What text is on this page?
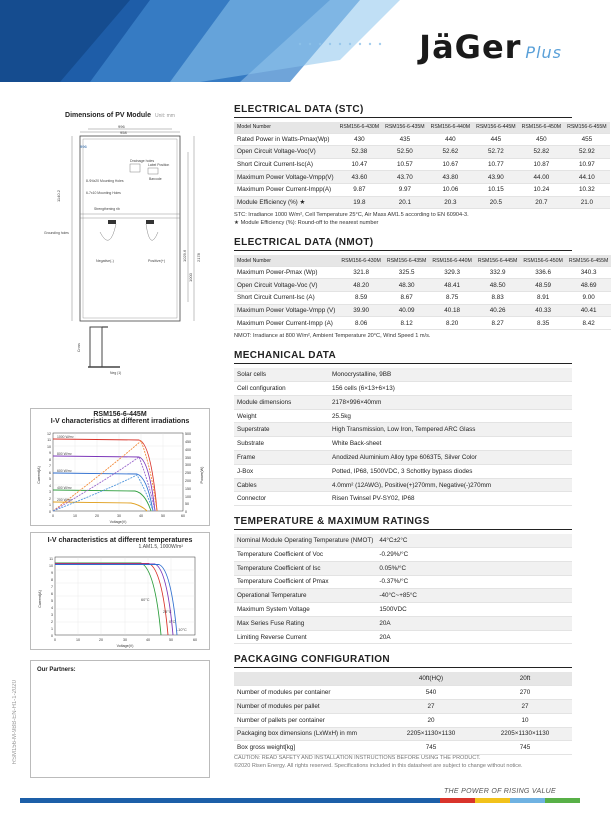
JäGer Plus
RSM156-M-9BB-EN-H1-1-2020
Dimensions of PV Module Unit: mm
996
996
958
1140.2
1029.6 2178
1000
Drainage holes
Label Position
Barcode
8-Φ4x20 Mounting Holes
6-7x10 Mounting Holes
Grounding holes
Strengthening rib
Negative(-)	Positive(+)
Cross
Neg (1)
RSM156-6-445M
I-V characteristics at different irradiations
1000 W/m²
800 W/m²
600 W/m²
400 W/m²
200 W/m²
0
1
2
3
4
5
6
7
8
9
10
11
12
0
50
100
150
200
250
300
350
400
450
500
0	10	20	30	40	50	60
Voltage(V)
Current(A)	Power(W)
I-V characteristics at different temperatures
1.AM1.5, 1000W/m²
60°C
25°C
0°C
-10°C
0
1
2
3
4
5
6
7
8
9
10
11
0	10	20	30	40	50	60
Voltage(V)
Current(A)
Our Partners:
ELECTRICAL DATA (STC)
Model Number	RSM156-6-430M	RSM156-6-435M	RSM156-6-440M	RSM156-6-445M	RSM156-6-450M	RSM156-6-455M
Rated Power in Watts-Pmax(Wp)	430	435	440	445	450	455
Open Circuit Voltage-Voc(V)	52.38	52.50	52.62	52.72	52.82	52.92
Short Circuit Current-Isc(A)	10.47	10.57	10.67	10.77	10.87	10.97
Maximum Power Voltage-Vmpp(V)	43.60	43.70	43.80	43.90	44.00	44.10
Maximum Power Current-Impp(A)	9.87	9.97	10.06	10.15	10.24	10.32
Module Efficiency (%) ★	19.8	20.1	20.3	20.5	20.7	21.0
STC: Irradiance 1000 W/m², Cell Temperature 25°C, Air Mass AM1.5 according to EN 60904-3.
★ Module Efficiency (%): Round-off to the nearest number
ELECTRICAL DATA (NMOT)
Model Number	RSM156-6-430M	RSM156-6-435M	RSM156-6-440M	RSM156-6-445M	RSM156-6-450M	RSM156-6-455M
Maximum Power-Pmax (Wp)	321.8	325.5	329.3	332.9	336.6	340.3
Open Circuit Voltage-Voc (V)	48.20	48.30	48.41	48.50	48.59	48.69
Short Circuit Current-Isc (A)	8.59	8.67	8.75	8.83	8.91	9.00
Maximum Power Voltage-Vmpp (V)	39.90	40.09	40.18	40.26	40.33	40.41
Maximum Power Current-Impp (A)	8.06	8.12	8.20	8.27	8.35	8.42
NMOT: Irradiance at 800 W/m², Ambient Temperature 20°C, Wind Speed 1 m/s.
MECHANICAL DATA
Solar cells	Monocrystalline, 9BB
Cell configuration	156 cells (6×13+6×13)
Module dimensions	2178×996×40mm
Weight	25.5kg
Superstrate	High Transmission, Low Iron, Tempered ARC Glass
Substrate	White Back-sheet
Frame	Anodized Aluminium Alloy type 6063T5, Silver Color
J-Box	Potted, IP68, 1500VDC, 3 Schottky bypass diodes
Cables	4.0mm² (12AWG), Positive(+)270mm, Negative(-)270mm
Connector	Risen Twinsel PV-SY02, IP68
TEMPERATURE & MAXIMUM RATINGS
Nominal Module Operating Temperature (NMOT)	44°C±2°C
Temperature Coefficient of Voc	-0.29%/°C
Temperature Coefficient of Isc	0.05%/°C
Temperature Coefficient of Pmax	-0.37%/°C
Operational Temperature	-40°C~+85°C
Maximum System Voltage	1500VDC
Max Series Fuse Rating	20A
Limiting Reverse Current	20A
PACKAGING CONFIGURATION
	40ft(HQ)	20ft
Number of modules per container	540	270
Number of modules per pallet	27	27
Number of pallets per container	20	10
Packaging box dimensions (LxWxH) in mm	2205×1130×1130	2205×1130×1130
Box gross weight[kg]	745	745
CAUTION: READ SAFETY AND INSTALLATION INSTRUCTIONS BEFORE USING THE PRODUCT.
©2020 Risen Energy. All rights reserved. Specifications included in this datasheet are subject to change without notice.
THE POWER OF RISING VALUE
